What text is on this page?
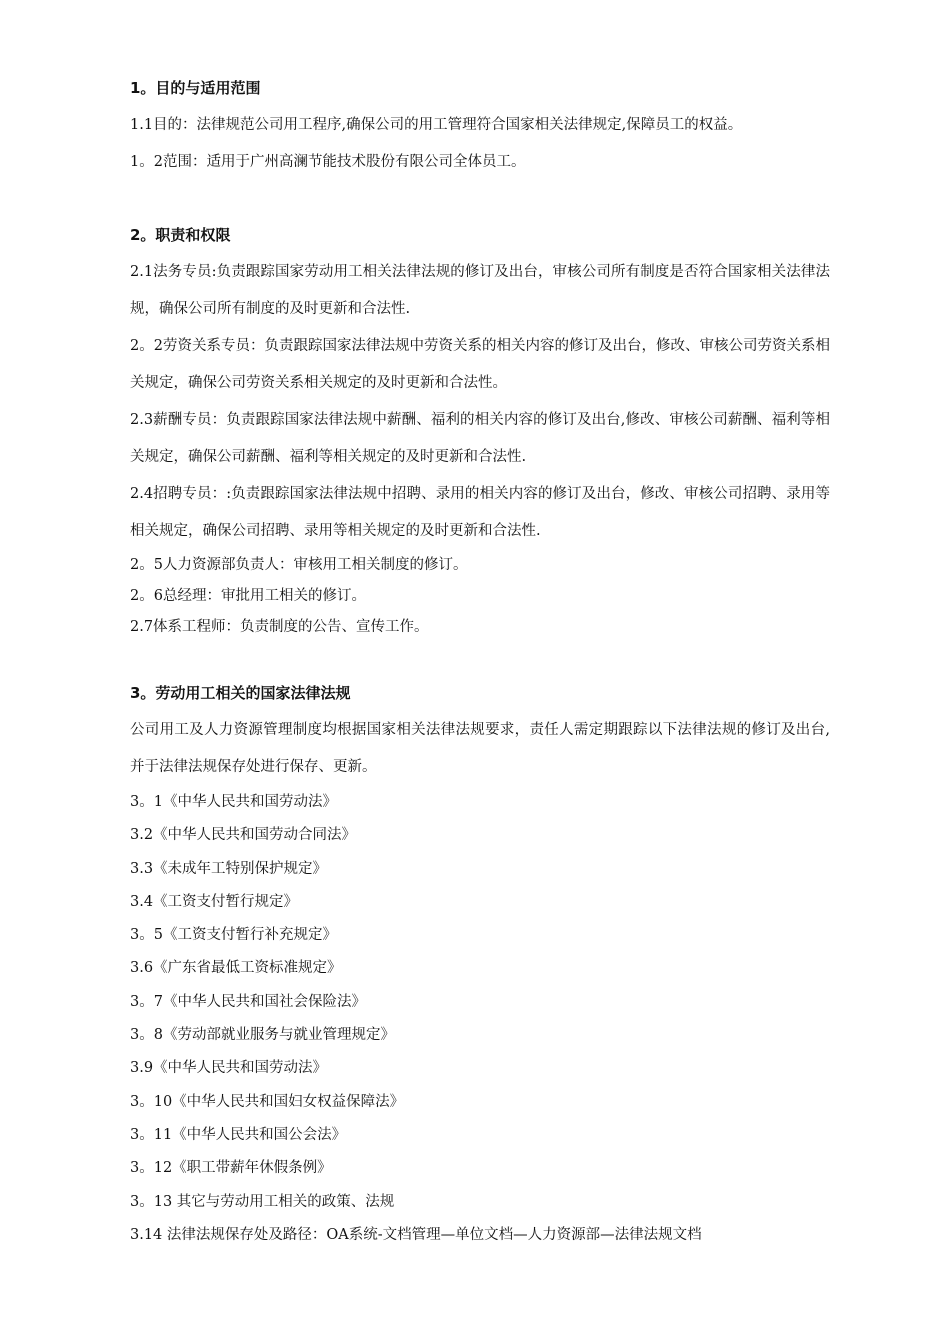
1。目的与适用范围

1.1目的：法律规范公司用工程序,确保公司的用工管理符合国家相关法律规定,保障员工的权益。

1。2范围：适用于广州高澜节能技术股份有限公司全体员工。

2。职责和权限

2.1法务专员:负责跟踪国家劳动用工相关法律法规的修订及出台，审核公司所有制度是否符合国家相关法律法规，确保公司所有制度的及时更新和合法性.

2。2劳资关系专员：负责跟踪国家法律法规中劳资关系的相关内容的修订及出台，修改、审核公司劳资关系相关规定，确保公司劳资关系相关规定的及时更新和合法性。

2.3薪酬专员：负责跟踪国家法律法规中薪酬、福利的相关内容的修订及出台,修改、审核公司薪酬、福利等相关规定，确保公司薪酬、福利等相关规定的及时更新和合法性.

2.4招聘专员：:负责跟踪国家法律法规中招聘、录用的相关内容的修订及出台，修改、审核公司招聘、录用等相关规定，确保公司招聘、录用等相关规定的及时更新和合法性.

2。5人力资源部负责人：审核用工相关制度的修订。

2。6总经理：审批用工相关的修订。

2.7体系工程师：负责制度的公告、宣传工作。

3。劳动用工相关的国家法律法规

公司用工及人力资源管理制度均根据国家相关法律法规要求，责任人需定期跟踪以下法律法规的修订及出台,并于法律法规保存处进行保存、更新。

3。1《中华人民共和国劳动法》

3.2《中华人民共和国劳动合同法》

3.3《未成年工特别保护规定》

3.4《工资支付暂行规定》

3。5《工资支付暂行补充规定》

3.6《广东省最低工资标准规定》

3。7《中华人民共和国社会保险法》

3。8《劳动部就业服务与就业管理规定》

3.9《中华人民共和国劳动法》

3。10《中华人民共和国妇女权益保障法》

3。11《中华人民共和国公会法》

3。12《职工带薪年休假条例》

3。13 其它与劳动用工相关的政策、法规

3.14 法律法规保存处及路径：OA系统-文档管理—单位文档—人力资源部—法律法规文档
